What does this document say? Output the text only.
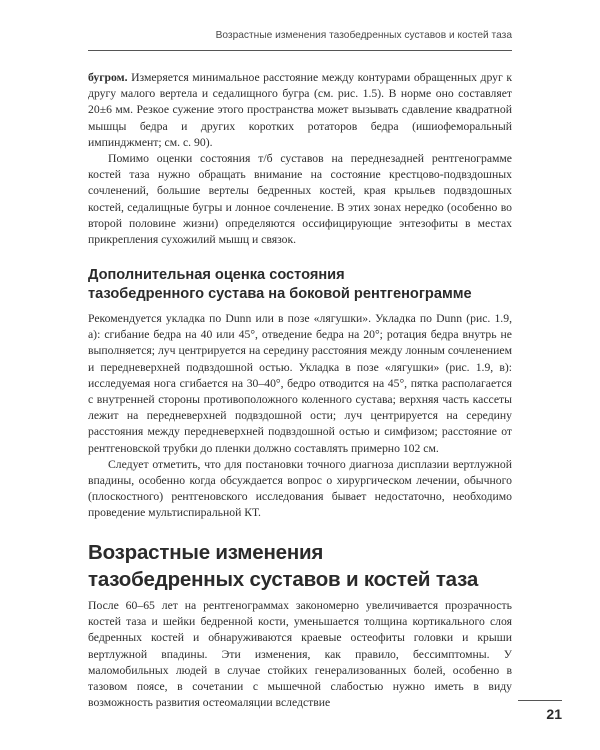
Возрастные изменения тазобедренных суставов и костей таза

бугром. Измеряется минимальное расстояние между контурами обращенных друг к другу малого вертела и седалищного бугра (см. рис. 1.5). В норме оно составляет 20±6 мм. Резкое сужение этого пространства может вызывать сдавление квадратной мышцы бедра и других коротких ротаторов бедра (ишиофеморальный импинджмент; см. с. 90).

Помимо оценки состояния т/б суставов на переднезадней рентгенограмме костей таза нужно обращать внимание на состояние крестцово-подвздошных сочленений, большие вертелы бедренных костей, края крыльев подвздошных костей, седалищные бугры и лонное сочленение. В этих зонах нередко (особенно во второй половине жизни) определяются оссифицирующие энтезофиты в местах прикрепления сухожилий мышц и связок.

Дополнительная оценка состояния
тазобедренного сустава на боковой рентгенограмме

Рекомендуется укладка по Dunn или в позе «лягушки». Укладка по Dunn (рис. 1.9, а): сгибание бедра на 40 или 45°, отведение бедра на 20°; ротация бедра внутрь не выполняется; луч центрируется на середину расстояния между лонным сочленением и передневерхней подвздошной остью. Укладка в позе «лягушки» (рис. 1.9, в): исследуемая нога сгибается на 30–40°, бедро отводится на 45°, пятка располагается с внутренней стороны противоположного коленного сустава; верхняя часть кассеты лежит на передневерхней подвздошной ости; луч центрируется на середину расстояния между передневерхней подвздошной остью и симфизом; расстояние от рентгеновской трубки до пленки должно составлять примерно 102 см.

Следует отметить, что для постановки точного диагноза дисплазии вертлужной впадины, особенно когда обсуждается вопрос о хирургическом лечении, обычного (плоскостного) рентгеновского исследования бывает недостаточно, необходимо проведение мультиспиральной КТ.

Возрастные изменения
тазобедренных суставов и костей таза

После 60–65 лет на рентгенограммах закономерно увеличивается прозрачность костей таза и шейки бедренной кости, уменьшается толщина кортикального слоя бедренных костей и обнаруживаются краевые остеофиты головки и крыши вертлужной впадины. Эти изменения, как правило, бессимптомны. У маломобильных людей в случае стойких генерализованных болей, особенно в тазовом поясе, в сочетании с мышечной слабостью нужно иметь в виду возможность развития остеомаляции вследствие

21
